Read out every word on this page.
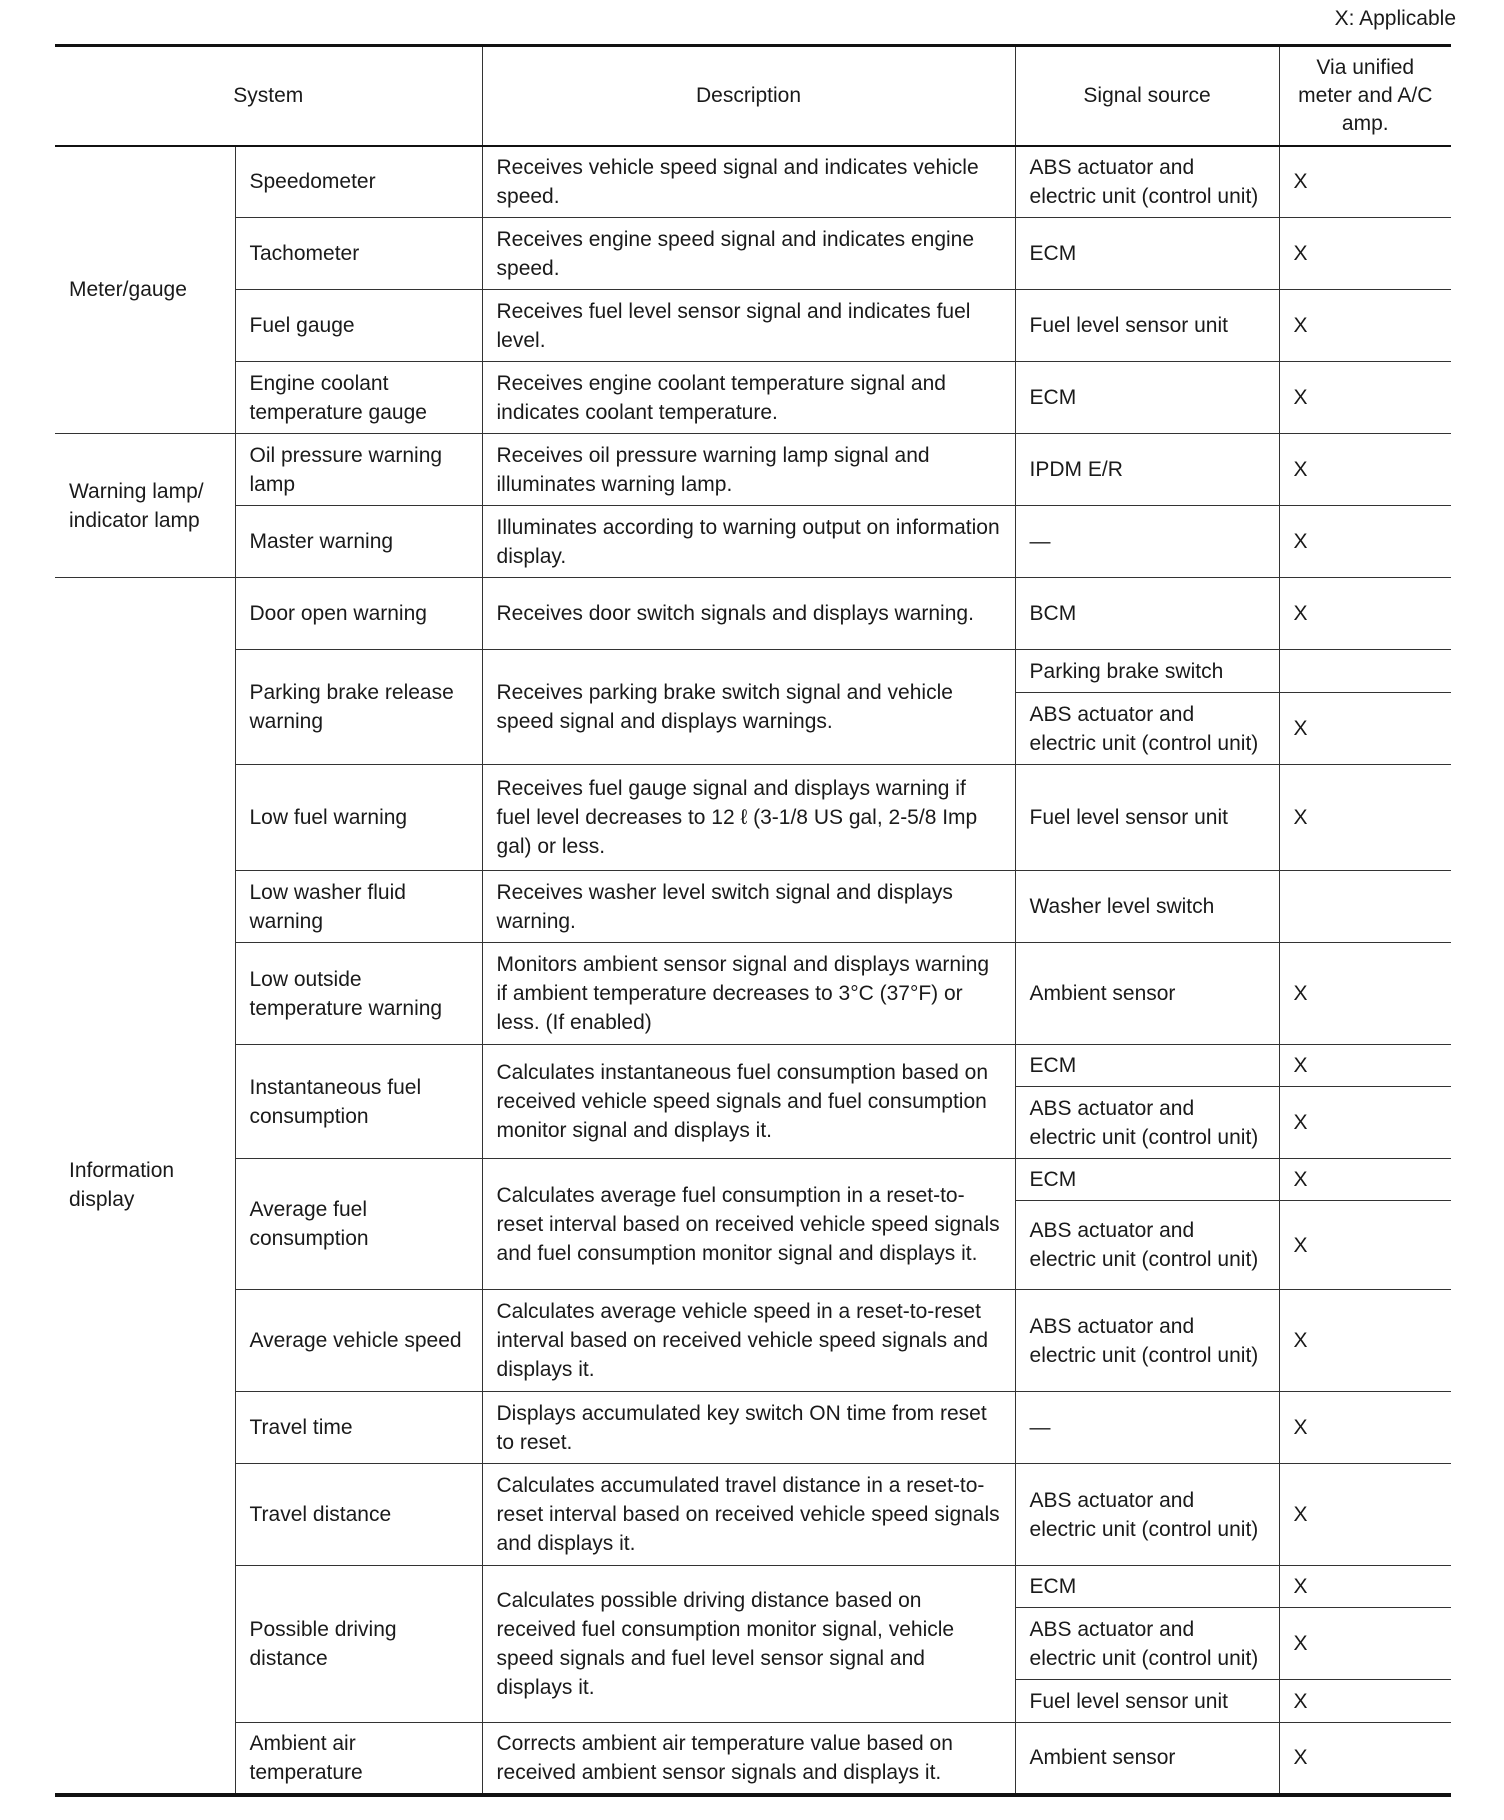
X: Applicable
System		Description	Signal source	Via unified meter and A/C amp.
Meter/gauge	Speedometer	Receives vehicle speed signal and indicates vehicle speed.	ABS actuator and electric unit (control unit)	X
	Tachometer	Receives engine speed signal and indicates engine speed.	ECM	X
	Fuel gauge	Receives fuel level sensor signal and indicates fuel level.	Fuel level sensor unit	X
	Engine coolant temperature gauge	Receives engine coolant temperature signal and indicates coolant temperature.	ECM	X
Warning lamp/ indicator lamp	Oil pressure warning lamp	Receives oil pressure warning lamp signal and illuminates warning lamp.	IPDM E/R	X
	Master warning	Illuminates according to warning output on information display.	—	X
Information display	Door open warning	Receives door switch signals and displays warning.	BCM	X
	Parking brake release warning	Receives parking brake switch signal and vehicle speed signal and displays warnings.	Parking brake switch	
			ABS actuator and electric unit (control unit)	X
	Low fuel warning	Receives fuel gauge signal and displays warning if fuel level decreases to 12 ℓ (3-1/8 US gal, 2-5/8 Imp gal) or less.	Fuel level sensor unit	X
	Low washer fluid warning	Receives washer level switch signal and displays warning.	Washer level switch	
	Low outside temperature warning	Monitors ambient sensor signal and displays warning if ambient temperature decreases to 3°C (37°F) or less. (If enabled)	Ambient sensor	X
	Instantaneous fuel consumption	Calculates instantaneous fuel consumption based on received vehicle speed signals and fuel consumption monitor signal and displays it.	ECM	X
			ABS actuator and electric unit (control unit)	X
	Average fuel consumption	Calculates average fuel consumption in a reset-to-reset interval based on received vehicle speed signals and fuel consumption monitor signal and displays it.	ECM	X
			ABS actuator and electric unit (control unit)	X
	Average vehicle speed	Calculates average vehicle speed in a reset-to-reset interval based on received vehicle speed signals and displays it.	ABS actuator and electric unit (control unit)	X
	Travel time	Displays accumulated key switch ON time from reset to reset.	—	X
	Travel distance	Calculates accumulated travel distance in a reset-to-reset interval based on received vehicle speed signals and displays it.	ABS actuator and electric unit (control unit)	X
	Possible driving distance	Calculates possible driving distance based on received fuel consumption monitor signal, vehicle speed signals and fuel level sensor signal and displays it.	ECM	X
			ABS actuator and electric unit (control unit)	X
			Fuel level sensor unit	X
	Ambient air temperature	Corrects ambient air temperature value based on received ambient sensor signals and displays it.	Ambient sensor	X
